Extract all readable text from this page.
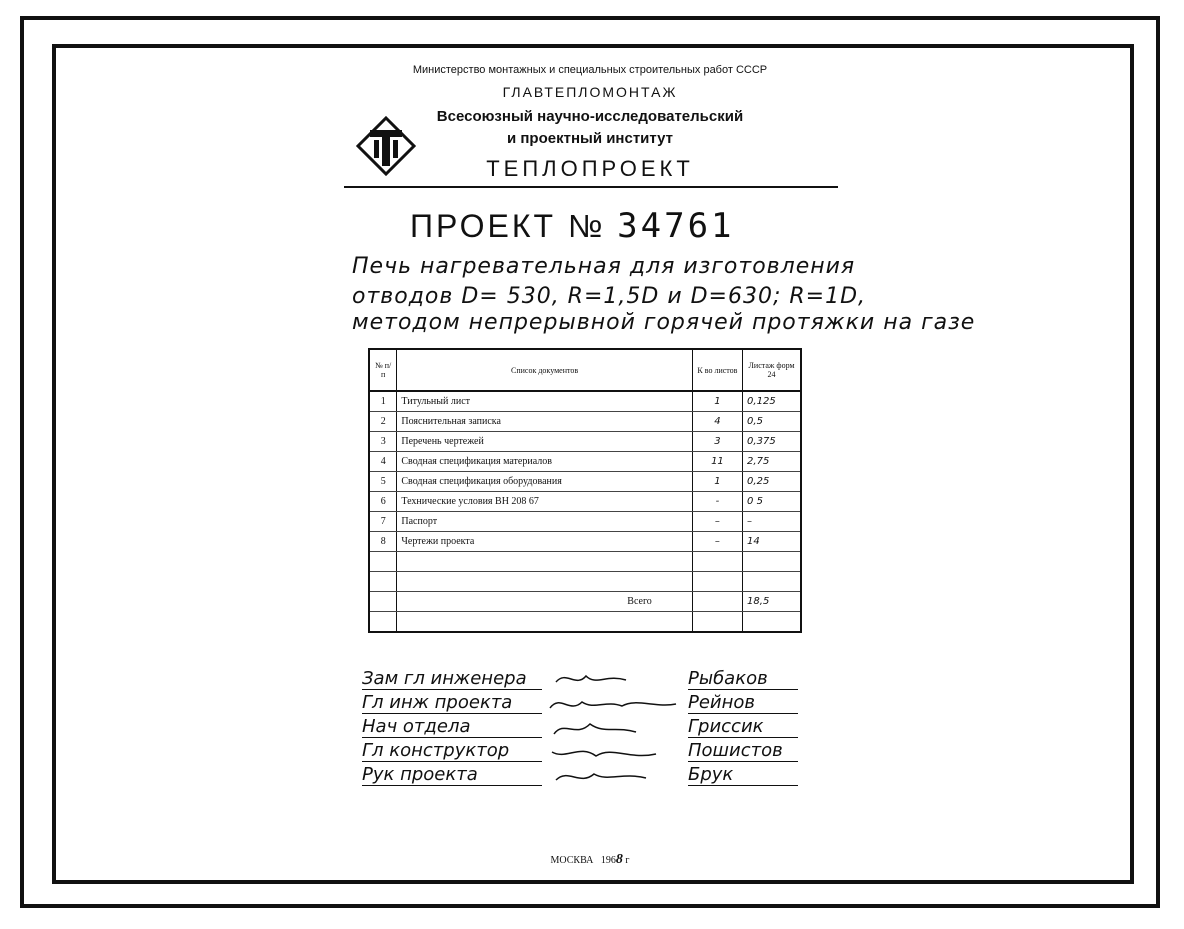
Министерство монтажных и специальных строительных работ СССР
ГЛАВТЕПЛОМОНТАЖ
Всесоюзный научно-исследовательский
и проектный институт
ТЕПЛОПРОЕКТ
ПРОЕКТ № 34761
Печь нагревательная для изготовления
отводов D= 530, R=1,5D и D=630; R=1D,
методом непрерывной горячей протяжки на газе
№ п/п	Список документов	К во листов	Листаж форм 24
1	Титульный лист	1	0,125
2	Пояснительная записка	4	0,5
3	Перечень чертежей	3	0,375
4	Сводная спецификация материалов	11	2,75
5	Сводная спецификация оборудования	1	0,25
6	Технические условия ВН 208 67	-	0 5
7	Паспорт	–	–
8	Чертежи проекта	–	14

	Всего		18,5

Зам гл инженера	Рыбаков
Гл инж проекта	Рейнов
Нач отдела	Гриссик
Гл конструктор	Пошистов
Рук проекта	Брук
МОСКВА 1968 г
